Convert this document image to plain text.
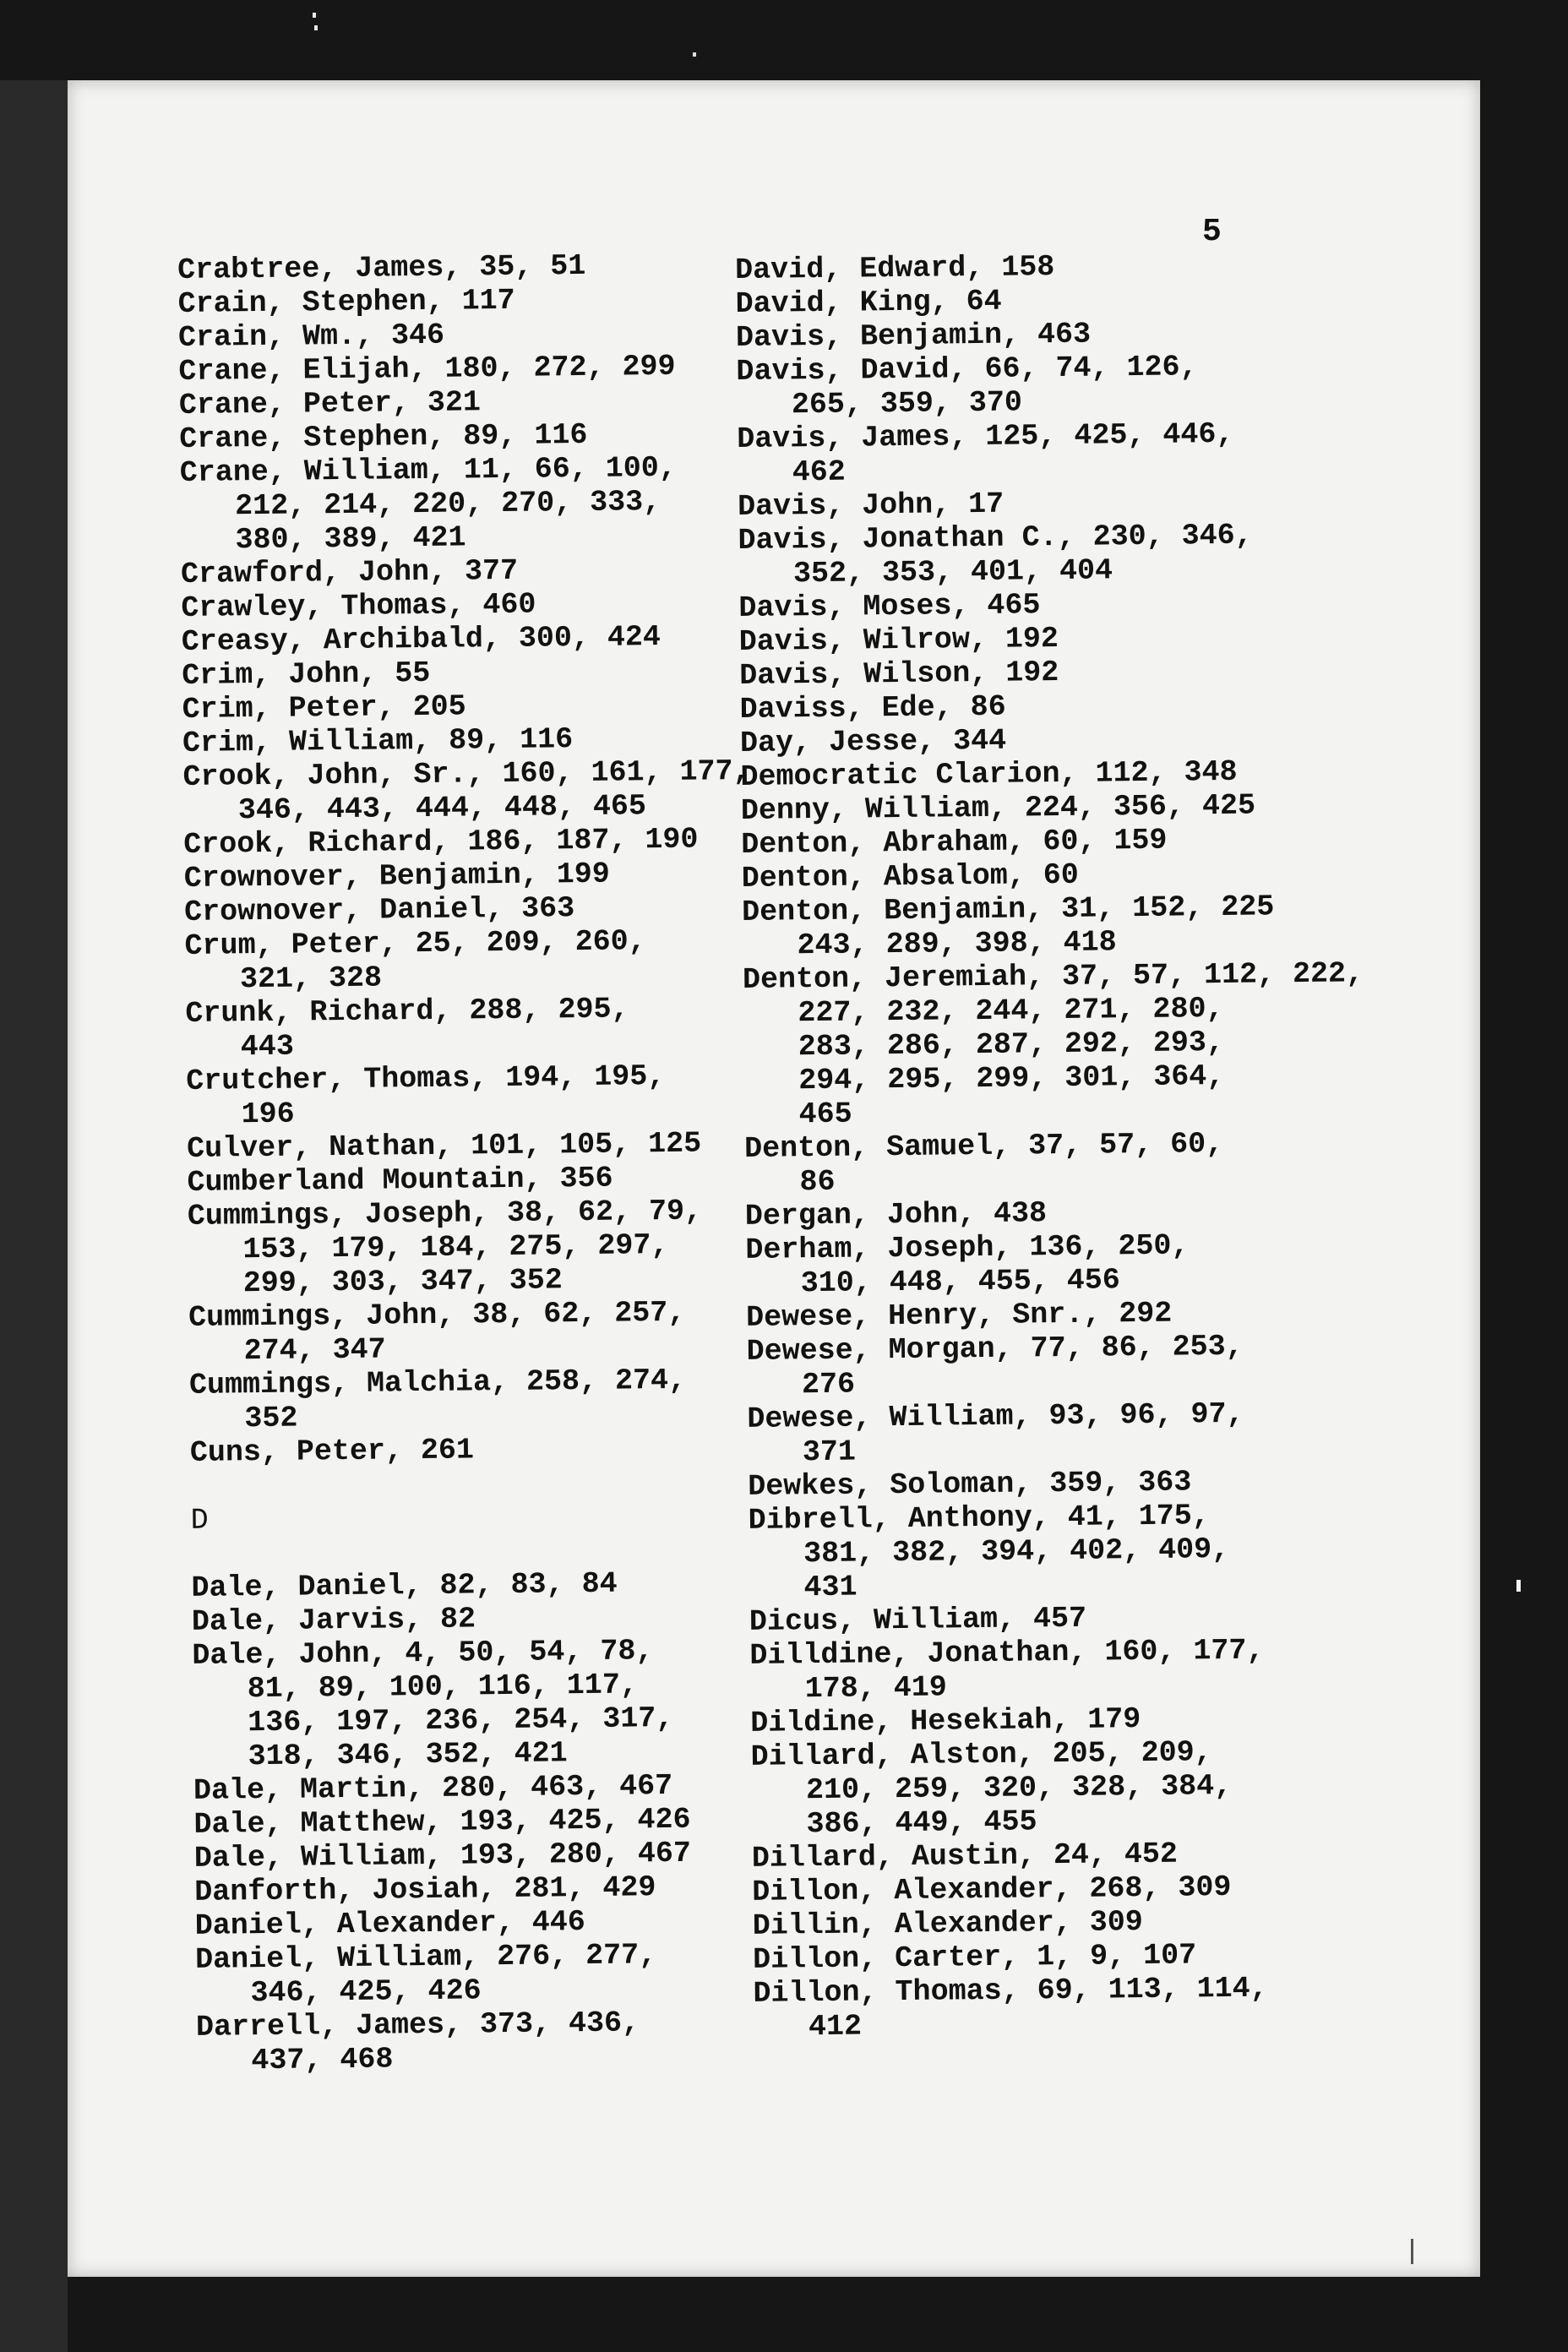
5
Crabtree, James, 35, 51
Crain, Stephen, 117
Crain, Wm., 346
Crane, Elijah, 180, 272, 299
Crane, Peter, 321
Crane, Stephen, 89, 116
Crane, William, 11, 66, 100,
212, 214, 220, 270, 333,
380, 389, 421
Crawford, John, 377
Crawley, Thomas, 460
Creasy, Archibald, 300, 424
Crim, John, 55
Crim, Peter, 205
Crim, William, 89, 116
Crook, John, Sr., 160, 161, 177,
346, 443, 444, 448, 465
Crook, Richard, 186, 187, 190
Crownover, Benjamin, 199
Crownover, Daniel, 363
Crum, Peter, 25, 209, 260,
321, 328
Crunk, Richard, 288, 295,
443
Crutcher, Thomas, 194, 195,
196
Culver, Nathan, 101, 105, 125
Cumberland Mountain, 356
Cummings, Joseph, 38, 62, 79,
153, 179, 184, 275, 297,
299, 303, 347, 352
Cummings, John, 38, 62, 257,
274, 347
Cummings, Malchia, 258, 274,
352
Cuns, Peter, 261
D
Dale, Daniel, 82, 83, 84
Dale, Jarvis, 82
Dale, John, 4, 50, 54, 78,
81, 89, 100, 116, 117,
136, 197, 236, 254, 317,
318, 346, 352, 421
Dale, Martin, 280, 463, 467
Dale, Matthew, 193, 425, 426
Dale, William, 193, 280, 467
Danforth, Josiah, 281, 429
Daniel, Alexander, 446
Daniel, William, 276, 277,
346, 425, 426
Darrell, James, 373, 436,
437, 468
David, Edward, 158
David, King, 64
Davis, Benjamin, 463
Davis, David, 66, 74, 126,
265, 359, 370
Davis, James, 125, 425, 446,
462
Davis, John, 17
Davis, Jonathan C., 230, 346,
352, 353, 401, 404
Davis, Moses, 465
Davis, Wilrow, 192
Davis, Wilson, 192
Daviss, Ede, 86
Day, Jesse, 344
Democratic Clarion, 112, 348
Denny, William, 224, 356, 425
Denton, Abraham, 60, 159
Denton, Absalom, 60
Denton, Benjamin, 31, 152, 225
243, 289, 398, 418
Denton, Jeremiah, 37, 57, 112, 222,
227, 232, 244, 271, 280,
283, 286, 287, 292, 293,
294, 295, 299, 301, 364,
465
Denton, Samuel, 37, 57, 60,
86
Dergan, John, 438
Derham, Joseph, 136, 250,
310, 448, 455, 456
Dewese, Henry, Snr., 292
Dewese, Morgan, 77, 86, 253,
276
Dewese, William, 93, 96, 97,
371
Dewkes, Soloman, 359, 363
Dibrell, Anthony, 41, 175,
381, 382, 394, 402, 409,
431
Dicus, William, 457
Dilldine, Jonathan, 160, 177,
178, 419
Dildine, Hesekiah, 179
Dillard, Alston, 205, 209,
210, 259, 320, 328, 384,
386, 449, 455
Dillard, Austin, 24, 452
Dillon, Alexander, 268, 309
Dillin, Alexander, 309
Dillon, Carter, 1, 9, 107
Dillon, Thomas, 69, 113, 114,
412
